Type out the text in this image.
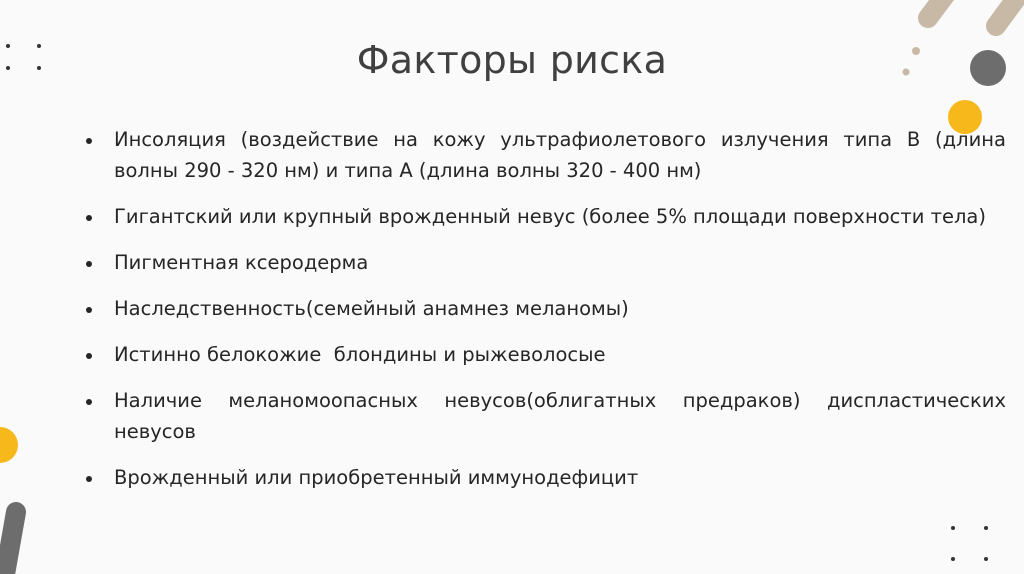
Факторы риска
Инсоляция (воздействие на кожу ультрафиолетового излучения типа В (длина волны 290 - 320 нм) и типа А (длина волны 320 - 400 нм)
Гигантский или крупный врожденный невус (более 5% площади поверхности тела)
Пигментная ксеродерма
Наследственность(семейный анамнез меланомы)
Истинно белокожие  блондины и рыжеволосые
Наличие меланомоопасных невусов(облигатных предраков) диспластических невусов
Врожденный или приобретенный иммунодефицит
